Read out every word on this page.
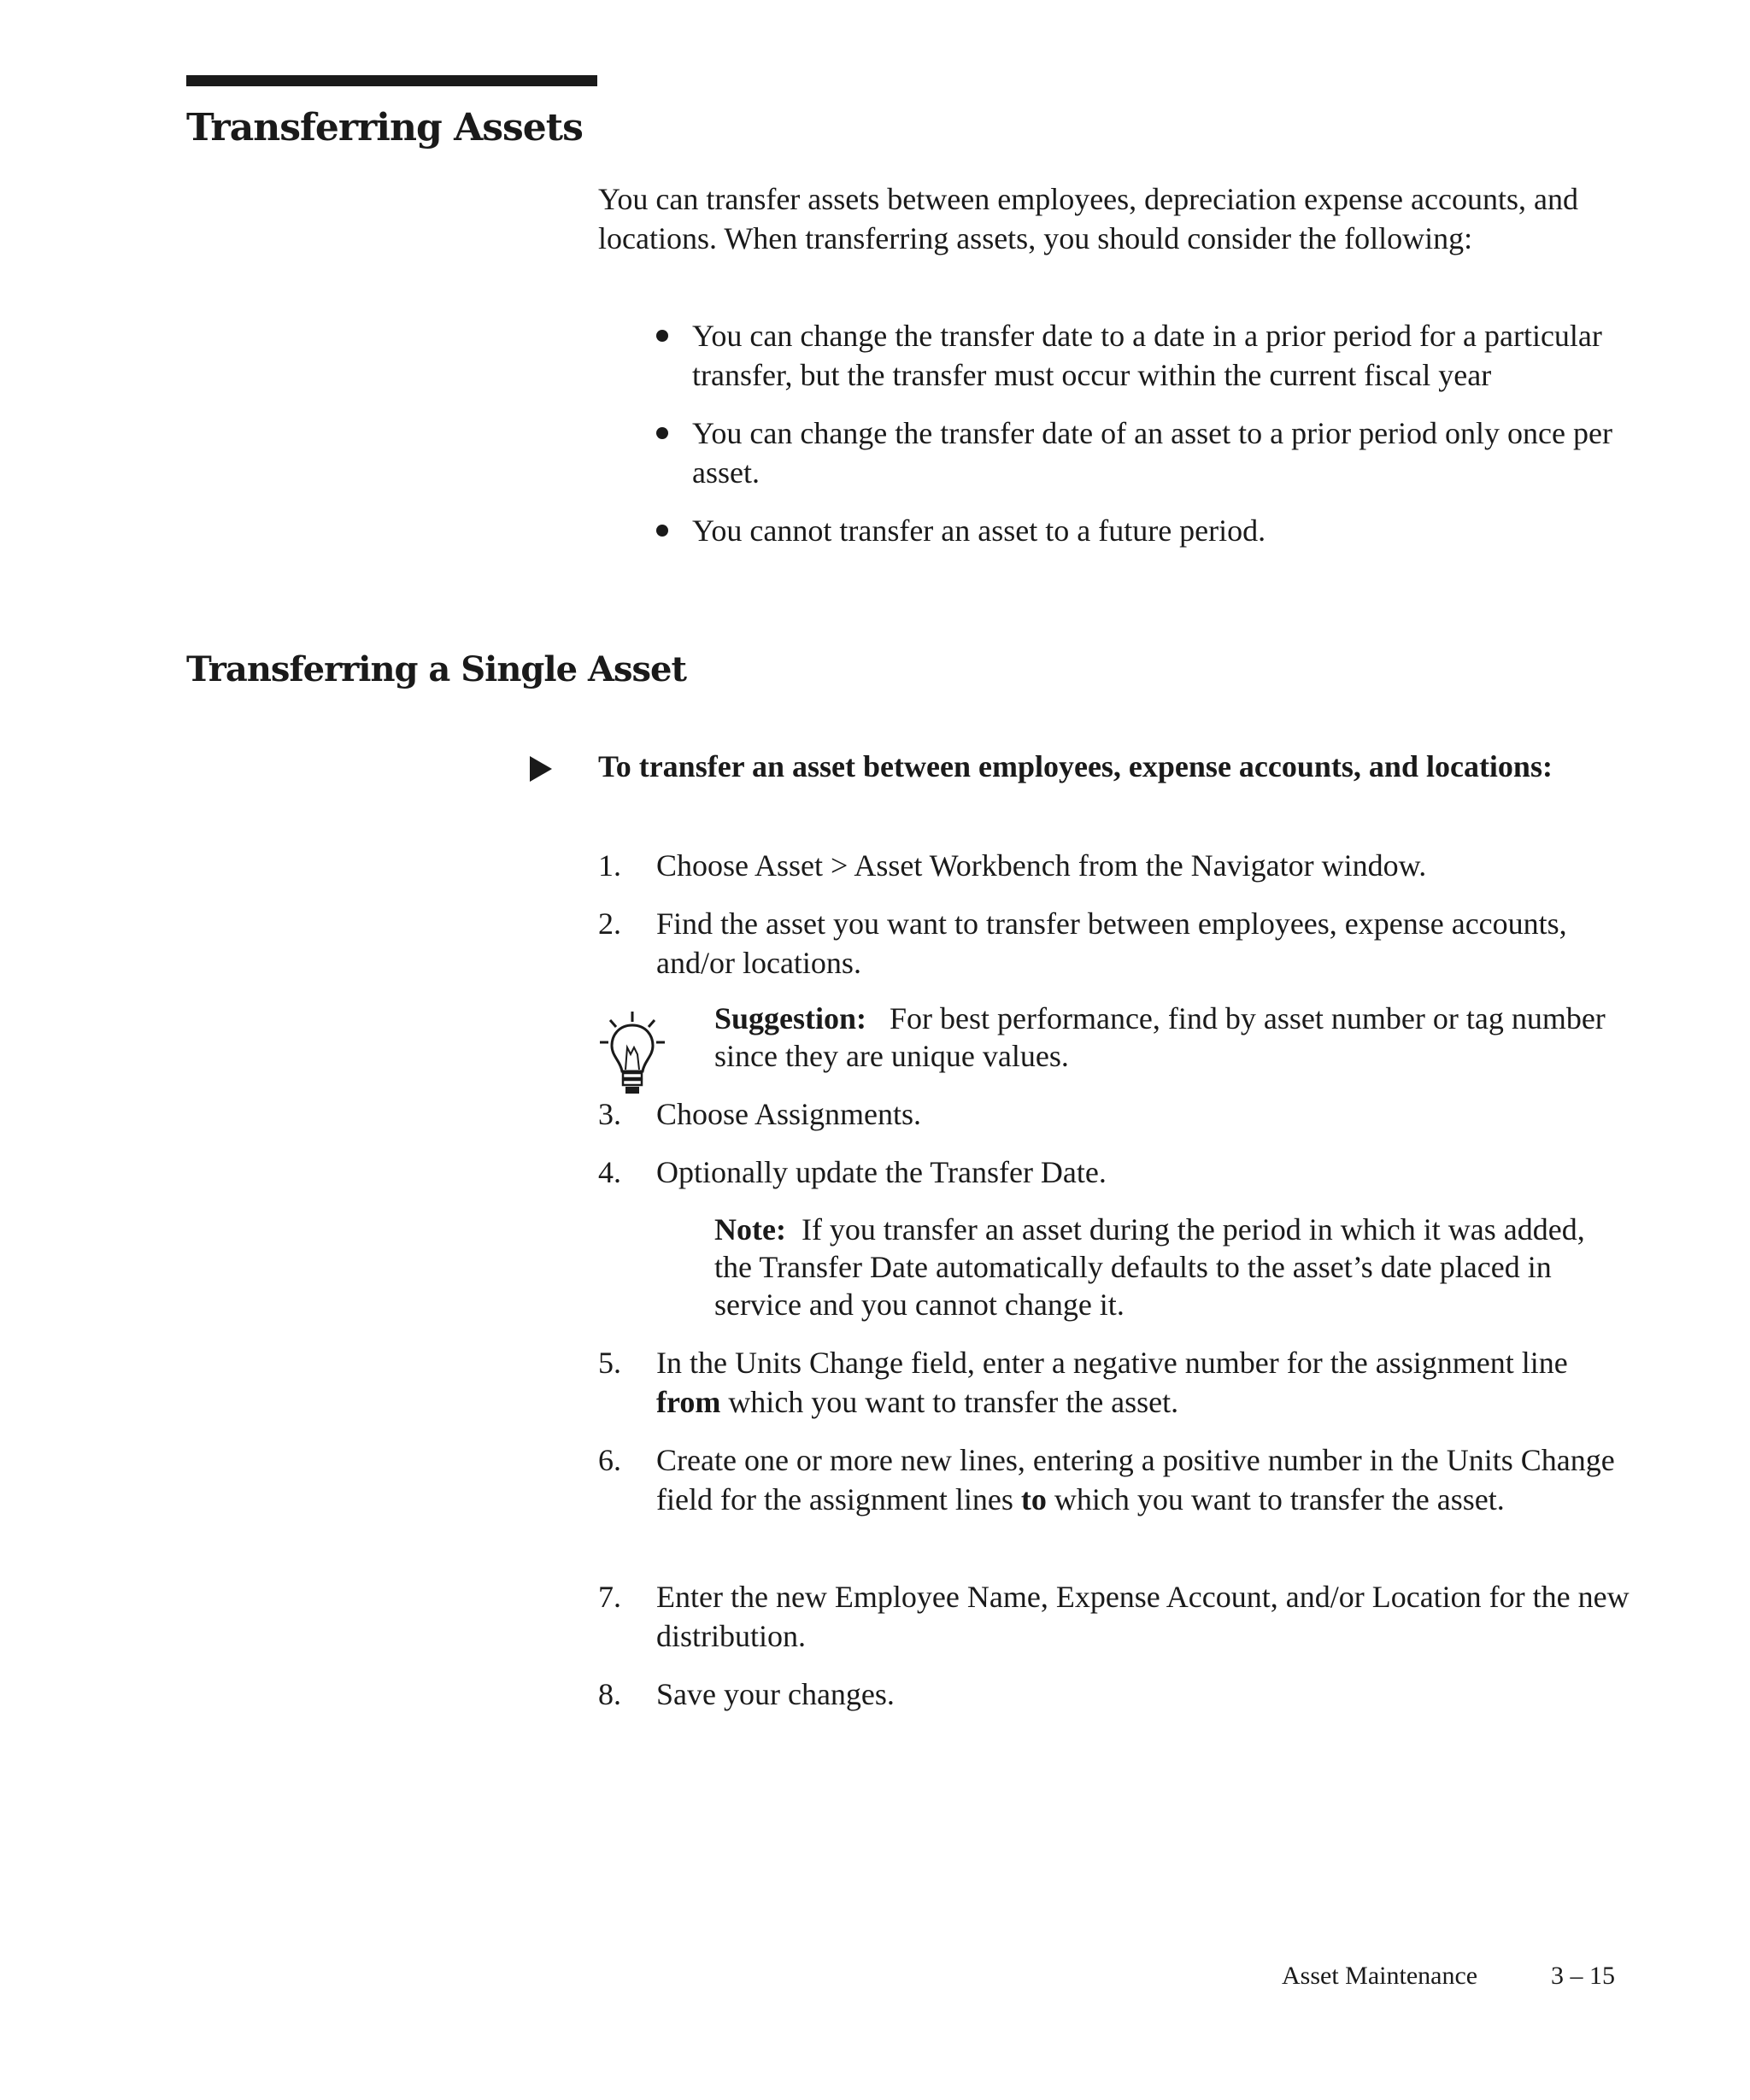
Transferring Assets
You can transfer assets between employees, depreciation expense accounts, and locations. When transferring assets, you should consider the following:
You can change the transfer date to a date in a prior period for a particular transfer, but the transfer must occur within the current fiscal year
You can change the transfer date of an asset to a prior period only once per asset.
You cannot transfer an asset to a future period.
Transferring a Single Asset
To transfer an asset between employees, expense accounts, and locations:
1.	Choose Asset > Asset Workbench from the Navigator window.
2.	Find the asset you want to transfer between employees, expense accounts, and/or locations.
Suggestion: For best performance, find by asset number or tag number since they are unique values.
3.	Choose Assignments.
4.	Optionally update the Transfer Date.
Note: If you transfer an asset during the period in which it was added, the Transfer Date automatically defaults to the asset’s date placed in service and you cannot change it.
5.	In the Units Change field, enter a negative number for the assignment line from which you want to transfer the asset.
6.	Create one or more new lines, entering a positive number in the Units Change field for the assignment lines to which you want to transfer the asset.
7.	Enter the new Employee Name, Expense Account, and/or Location for the new distribution.
8.	Save your changes.
Asset Maintenance	3 – 15
